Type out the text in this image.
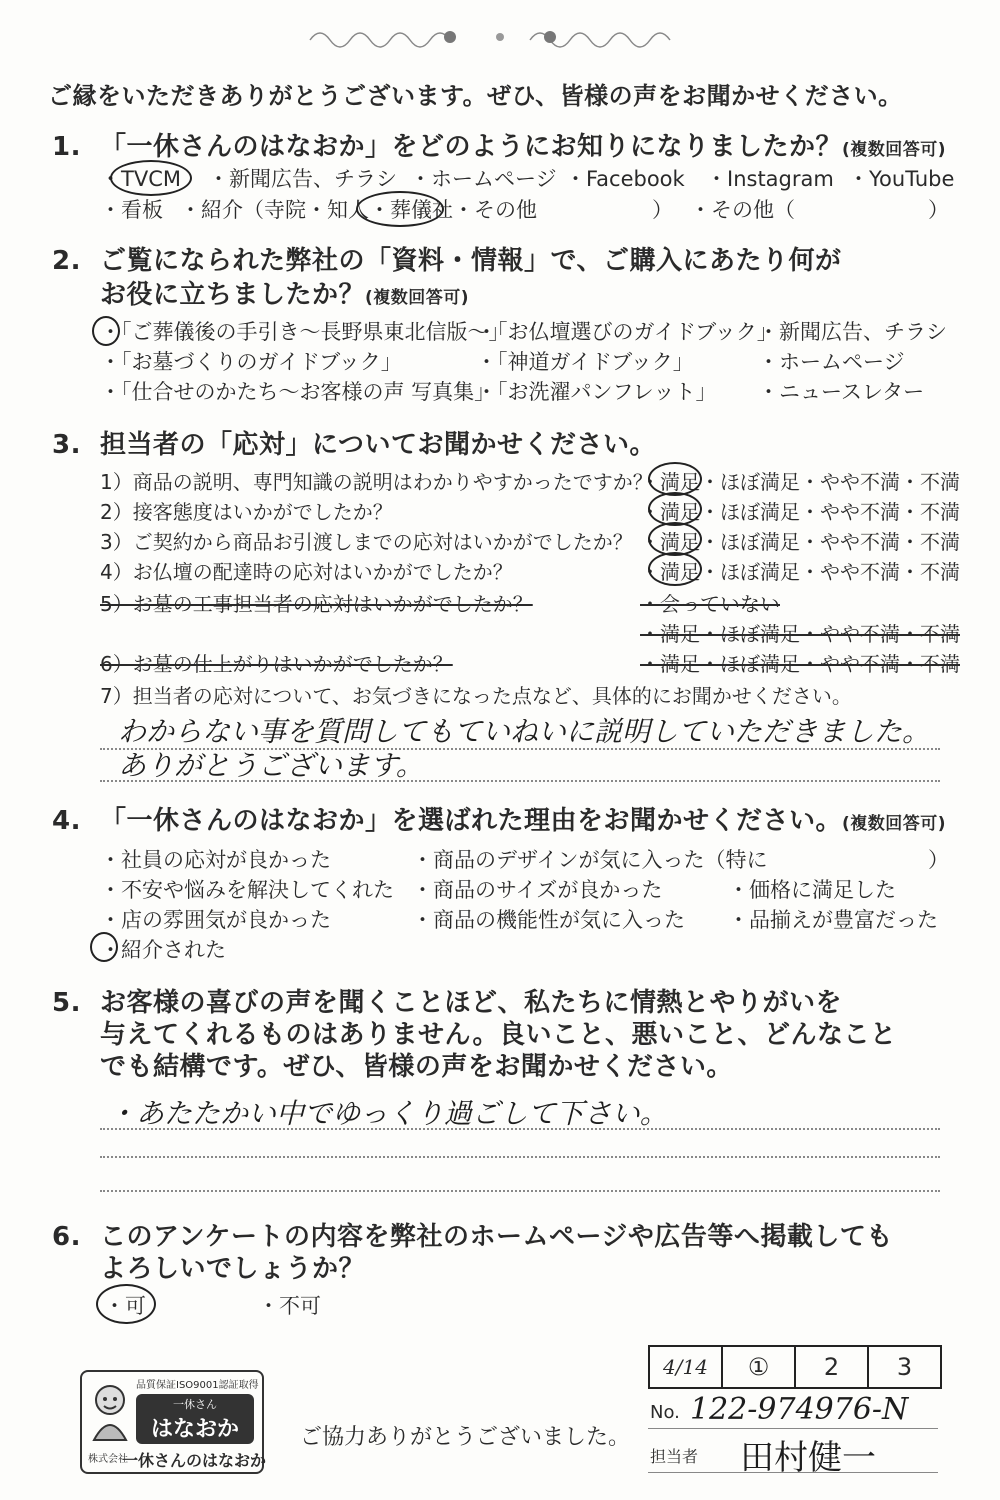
ご縁をいただきありがとうございます。ぜひ、皆様の声をお聞かせください。
1. 「一休さんのはなおか」をどのようにお知りになりましたか？(複数回答可)
・TVCM ・新聞広告、チラシ ・ホームページ ・Facebook ・Instagram ・YouTube
・看板 ・紹介（寺院・知人・葬儀社・その他	） ・その他（	）
2. ご覧になられた弊社の「資料・情報」で、ご購入にあたり何が
お役に立ちましたか？(複数回答可)
・「ご葬儀後の手引き〜長野県東北信版〜」
・「お墓づくりのガイドブック」
・「仕合せのかたち〜お客様の声 写真集」
・「お仏壇選びのガイドブック」
・「神道ガイドブック」
・「お洗濯パンフレット」
・新聞広告、チラシ
・ホームページ
・ニュースレター
3. 担当者の「応対」についてお聞かせください。
1）商品の説明、専門知識の説明はわかりやすかったですか？
・満足・ほぼ満足・やや不満・不満
2）接客態度はいかがでしたか？	・満足・ほぼ満足・やや不満・不満
3）ご契約から商品お引渡しまでの応対はいかがでしたか？ ・満足・ほぼ満足・やや不満・不満
4）お仏壇の配達時の応対はいかがでしたか？	・満足・ほぼ満足・やや不満・不満
5）お墓の工事担当者の応対はいかがでしたか？	・会っていない
・満足・ほぼ満足・やや不満・不満
6）お墓の仕上がりはいかがでしたか？	・満足・ほぼ満足・やや不満・不満
7）担当者の応対について、お気づきになった点など、具体的にお聞かせください。
わからない事を質問してもていねいに説明していただきました。
ありがとうございます。
4. 「一休さんのはなおか」を選ばれた理由をお聞かせください。(複数回答可)
・社員の応対が良かった
・不安や悩みを解決してくれた
・店の雰囲気が良かった
・紹介された
・商品のデザインが気に入った（特に	）
・商品のサイズが良かった
・商品の機能性が気に入った
・価格に満足した
・品揃えが豊富だった
5. お客様の喜びの声を聞くことほど、私たちに情熱とやりがいを
与えてくれるものはありません。良いこと、悪いこと、どんなこと
でも結構です。ぜひ、皆様の声をお聞かせください。
・あたたかい中でゆっくり過ごして下さい。
6. このアンケートの内容を弊社のホームページや広告等へ掲載しても
よろしいでしょうか？
・可	・不可
4/14	①	2	3
No. 122-974976-N
担当者 田村健一
ご協力ありがとうございました。
品質保証ISO9001認証取得
一休さん
はなおか
株式会社
一休さんのはなおか
